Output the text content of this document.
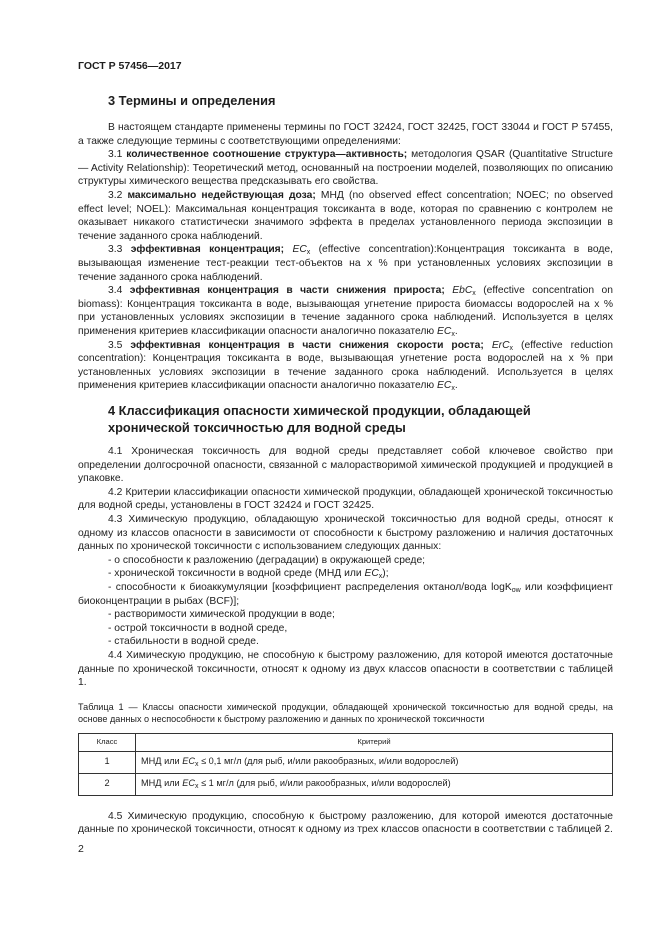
ГОСТ Р 57456—2017
3 Термины и определения

В настоящем стандарте применены термины по ГОСТ 32424, ГОСТ 32425, ГОСТ 33044 и ГОСТ Р 57455, а также следующие термины с соответствующими определениями:

3.1 количественное соотношение структура—активность; методология QSAR (Quantitative Structure — Activity Relationship): Теоретический метод, основанный на построении моделей, позволяющих по описанию структуры химического вещества предсказывать его свойства.

3.2 максимально недействующая доза; МНД (no observed effect concentration; NOEC; no observed effect level; NOEL): Максимальная концентрация токсиканта в воде, которая по сравнению с контролем не оказывает никакого статистически значимого эффекта в пределах установленного периода экспозиции в течение заданного срока наблюдений.

3.3 эффективная концентрация; $EC_x$ (effective concentration):Концентрация токсиканта в воде, вызывающая изменение тест-реакции тест-объектов на x % при установленных условиях экспозиции в течение заданного срока наблюдений.

3.4 эффективная концентрация в части снижения прироста; EbC$_x$ (effective concentration on biomass): Концентрация токсиканта в воде, вызывающая угнетение прироста биомассы водорослей на x % при установленных условиях экспозиции в течение заданного срока наблюдений. Используется в целях применения критериев классификации опасности аналогично показателю $EC_x$.

3.5 эффективная концентрация в части снижения скорости роста; ErC$_x$ (effective reduction concentration): Концентрация токсиканта в воде, вызывающая угнетение роста водорослей на x % при установленных условиях экспозиции в течение заданного срока наблюдений. Используется в целях применения критериев классификации опасности аналогично показателю $EC_x$.

4 Классификация опасности химической продукции, обладающей
хронической токсичностью для водной среды

4.1 Хроническая токсичность для водной среды представляет собой ключевое свойство при определении долгосрочной опасности, связанной с малорастворимой химической продукцией и продукцией в упаковке.

4.2 Критерии классификации опасности химической продукции, обладающей хронической токсичностью для водной среды, установлены в ГОСТ 32424 и ГОСТ 32425.

4.3 Химическую продукцию, обладающую хронической токсичностью для водной среды, относят к одному из классов опасности в зависимости от способности к быстрому разложению и наличия достаточных данных по хронической токсичности с использованием следующих данных:

- о способности к разложению (деградации) в окружающей среде;

- хронической токсичности в водной среде (МНД или $EC_x$);

- способности к биоаккумуляции [коэффициент распределения октанол/вода logK$_{ow}$ или коэффициент биоконцентрации в рыбах (BCF)];

- растворимости химической продукции в воде;

- острой токсичности в водной среде,

- стабильности в водной среде.

4.4 Химическую продукцию, не способную к быстрому разложению, для которой имеются достаточные данные по хронической токсичности, относят к одному из двух классов опасности в соответствии с таблицей 1.

Таблица 1 — Классы опасности химической продукции, обладающей хронической токсичностью для водной среды, на основе данных о неспособности к быстрому разложению и данных по хронической токсичности

Класс	Критерий
1	МНД или $EC_x \le 0,1$ мг/л (для рыб, и/или ракообразных, и/или водорослей)
2	МНД или $EC_x \le 1$ мг/л (для рыб, и/или ракообразных, и/или водорослей)

4.5 Химическую продукцию, способную к быстрому разложению, для которой имеются достаточные данные по хронической токсичности, относят к одному из трех классов опасности в соответствии с таблицей 2.

2
